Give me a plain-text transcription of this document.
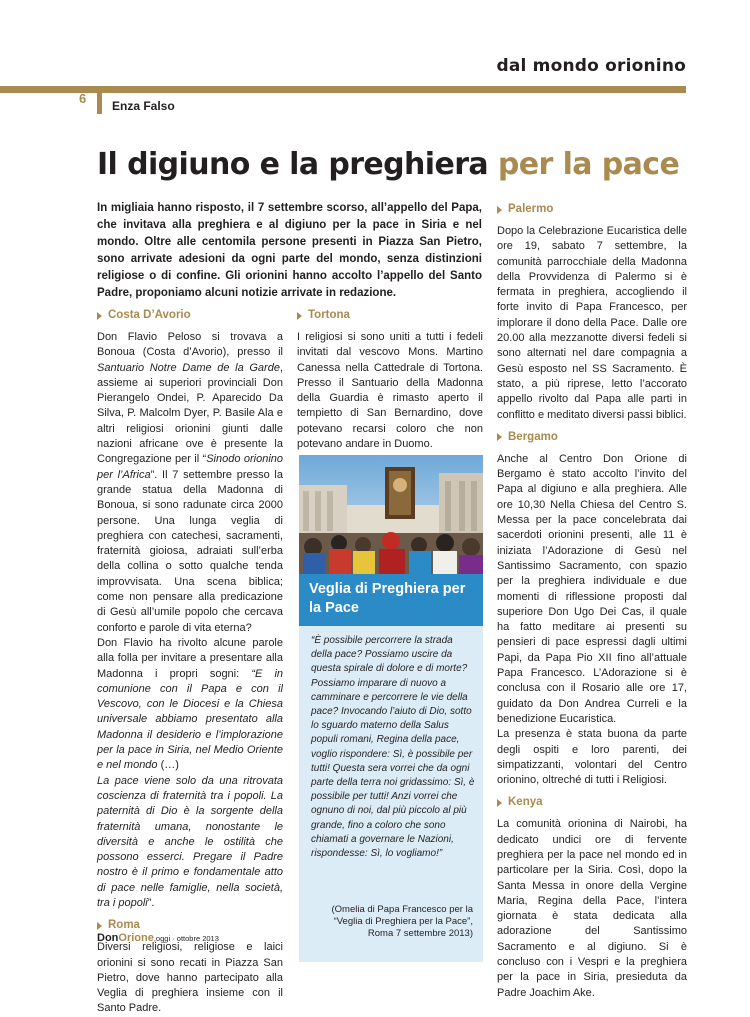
dal mondo orionino
6 Enza Falso
Il digiuno e la preghiera per la pace

In migliaia hanno risposto, il 7 settembre scorso, all’appello del Papa, che invitava alla preghiera e al digiuno per la pace in Siria e nel mondo. Oltre alle centomila persone presenti in Piazza San Pietro, sono arrivate adesioni da ogni parte del mondo, senza distinzioni religiose o di confine. Gli orionini hanno accolto l’appello del Santo Padre, proponiamo alcuni notizie arrivate in redazione.

Costa D’Avorio

Don Flavio Peloso si trovava a Bonoua (Costa d’Avorio), presso il Santuario Notre Dame de la Garde, assieme ai superiori provinciali Don Pierangelo Ondei, P. Aparecido Da Silva, P. Malcolm Dyer, P. Basile Ala e altri religiosi orionini giunti dalle nazioni africane ove è presente la Congregazione per il “Sinodo orionino per l’Africa”. Il 7 settembre presso la grande statua della Madonna di Bonoua, si sono radunate circa 2000 persone. Una lunga veglia di preghiera con catechesi, sacramenti, fraternità gioiosa, adraiati sull’erba della collina o sotto qualche tenda improvvisata. Una scena biblica; come non pensare alla predicazione di Gesù all’umile popolo che cercava conforto e parole di vita eterna?

Don Flavio ha rivolto alcune parole alla folla per invitare a presentare alla Madonna i propri sogni: “E in comunione con il Papa e con il Vescovo, con le Diocesi e la Chiesa universale abbiamo presentato alla Madonna il desiderio e l’implorazione per la pace in Siria, nel Medio Oriente e nel mondo (…)

La pace viene solo da una ritrovata coscienza di fraternità tra i popoli. La paternità di Dio è la sorgente della fraternità umana, nonostante le diversità e anche le ostilità che possono esserci. Pregare il Padre nostro è il primo e fondamentale atto di pace nelle famiglie, nella società, tra i popoli”.

Roma

Diversi religiosi, religiose e laici orionini si sono recati in Piazza San Pietro, dove hanno partecipato alla Veglia di preghiera insieme con il Santo Padre.

Tortona

I religiosi si sono uniti a tutti i fedeli invitati dal vescovo Mons. Martino Canessa nella Cattedrale di Tortona. Presso il Santuario della Madonna della Guardia è rimasto aperto il tempietto di San Bernardino, dove potevano recarsi coloro che non potevano andare in Duomo.

Veglia di Preghiera per la Pace

“È possibile percorrere la strada della pace? Possiamo uscire da questa spirale di dolore e di morte? Possiamo imparare di nuovo a camminare e percorrere le vie della pace? Invocando l’aiuto di Dio, sotto lo sguardo materno della Salus populi romani, Regina della pace, voglio rispondere: Sì, è possibile per tutti! Questa sera vorrei che da ogni parte della terra noi gridassimo: Sì, è possibile per tutti! Anzi vorrei che ognuno di noi, dal più piccolo al più grande, fino a coloro che sono chiamati a governare le Nazioni, rispondesse: Sì, lo vogliamo!”

(Omelia di Papa Francesco per la “Veglia di Preghiera per la Pace”, Roma 7 settembre 2013)

Palermo

Dopo la Celebrazione Eucaristica delle ore 19, sabato 7 settembre, la comunità parrocchiale della Madonna della Provvidenza di Palermo si è fermata in preghiera, accogliendo il forte invito di Papa Francesco, per implorare il dono della Pace. Dalle ore 20.00 alla mezzanotte diversi fedeli si sono alternati nel dare compagnia a Gesù esposto nel SS Sacramento. È stato, a più riprese, letto l’accorato appello rivolto dal Papa alle parti in conflitto e meditato diversi passi biblici.

Bergamo

Anche al Centro Don Orione di Bergamo è stato accolto l’invito del Papa al digiuno e alla preghiera. Alle ore 10,30 Nella Chiesa del Centro S. Messa per la pace concelebrata dai sacerdoti orionini presenti, alle 11 è iniziata l’Adorazione di Gesù nel Santissimo Sacramento, con spazio per la preghiera individuale e due momenti di riflessione proposti dal superiore Don Ugo Dei Cas, il quale ha fatto meditare ai presenti su pensieri di pace espressi dagli ultimi Papi, da Papa Pio XII fino all’attuale Papa Francesco. L’Adorazione si è conclusa con il Rosario alle ore 17, guidato da Don Andrea Curreli e la benedizione Eucaristica.

La presenza è stata buona da parte degli ospiti e loro parenti, dei simpatizzanti, volontari del Centro orionino, oltreché di tutti i Religiosi.

Kenya

La comunità orionina di Nairobi, ha dedicato undici ore di fervente preghiera per la pace nel mondo ed in particolare per la Siria. Così, dopo la Santa Messa in onore della Vergine Maria, Regina della Pace, l’intera giornata è stata dedicata alla adorazione del Santissimo Sacramento e al digiuno. Si è concluso con i Vespri e la preghiera per la pace in Siria, presieduta da Padre Joachim Ake.

DonOrione,oggi · ottobre 2013
